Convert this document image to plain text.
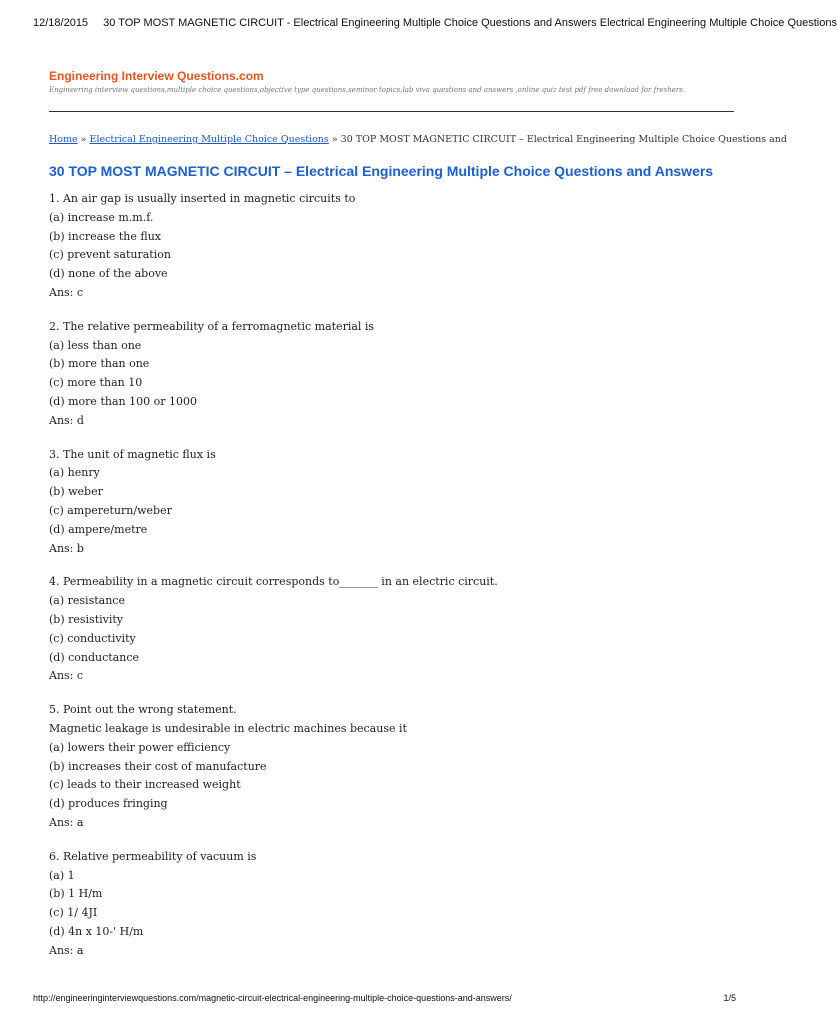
12/18/2015 30 TOP MOST MAGNETIC CIRCUIT - Electrical Engineering Multiple Choice Questions and Answers Electrical Engineering Multiple Choice Questions
Engineering Interview Questions.com
Engineering interview questions,multiple choice questions,objective type questions,seminor topics,lab viva questions and answers ,online quiz test pdf free download for freshers.
Home » Electrical Engineering Multiple Choice Questions » 30 TOP MOST MAGNETIC CIRCUIT – Electrical Engineering Multiple Choice Questions and
30 TOP MOST MAGNETIC CIRCUIT – Electrical Engineering Multiple Choice Questions and Answers
1. An air gap is usually inserted in magnetic circuits to
(a) increase m.m.f.
(b) increase the flux
(c) prevent saturation
(d) none of the above
Ans: c
2. The relative permeability of a ferromagnetic material is
(a) less than one
(b) more than one
(c) more than 10
(d) more than 100 or 1000
Ans: d
3. The unit of magnetic flux is
(a) henry
(b) weber
(c) ampereturn/weber
(d) ampere/metre
Ans: b
4. Permeability in a magnetic circuit corresponds to_______ in an electric circuit.
(a) resistance
(b) resistivity
(c) conductivity
(d) conductance
Ans: c
5. Point out the wrong statement.
Magnetic leakage is undesirable in electric machines because it
(a) lowers their power efficiency
(b) increases their cost of manufacture
(c) leads to their increased weight
(d) produces fringing
Ans: a
6. Relative permeability of vacuum is
(a) 1
(b) 1 H/m
(c) 1/ 4JI
(d) 4n x 10-' H/m
Ans: a
http://engineeringinterviewquestions.com/magnetic-circuit-electrical-engineering-multiple-choice-questions-and-answers/	1/5
